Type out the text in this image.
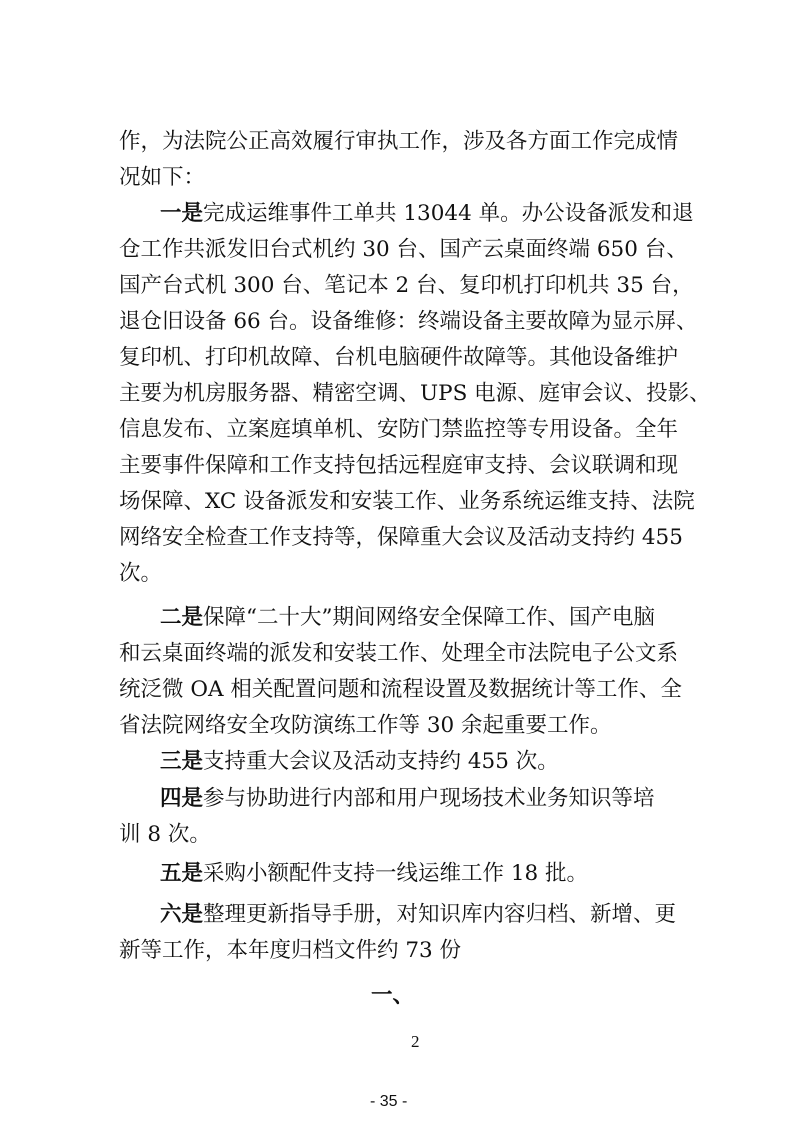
作，为法院公正高效履行审执工作，涉及各方面工作完成情
况如下：
一是完成运维事件工单共 13044 单。办公设备派发和退
仓工作共派发旧台式机约 30 台、国产云桌面终端 650 台、
国产台式机 300 台、笔记本 2 台、复印机打印机共 35 台，
退仓旧设备 66 台。设备维修：终端设备主要故障为显示屏、
复印机、打印机故障、台机电脑硬件故障等。其他设备维护
主要为机房服务器、精密空调、UPS 电源、庭审会议、投影、
信息发布、立案庭填单机、安防门禁监控等专用设备。全年
主要事件保障和工作支持包括远程庭审支持、会议联调和现
场保障、XC 设备派发和安装工作、业务系统运维支持、法院
网络安全检查工作支持等，保障重大会议及活动支持约 455
次。
二是保障“二十大”期间网络安全保障工作、国产电脑
和云桌面终端的派发和安装工作、处理全市法院电子公文系
统泛微 OA 相关配置问题和流程设置及数据统计等工作、全
省法院网络安全攻防演练工作等 30 余起重要工作。
三是支持重大会议及活动支持约 455 次。
四是参与协助进行内部和用户现场技术业务知识等培
训 8 次。
五是采购小额配件支持一线运维工作 18 批。
六是整理更新指导手册，对知识库内容归档、新增、更
新等工作，本年度归档文件约 73 份
一、
2
- 35 -
